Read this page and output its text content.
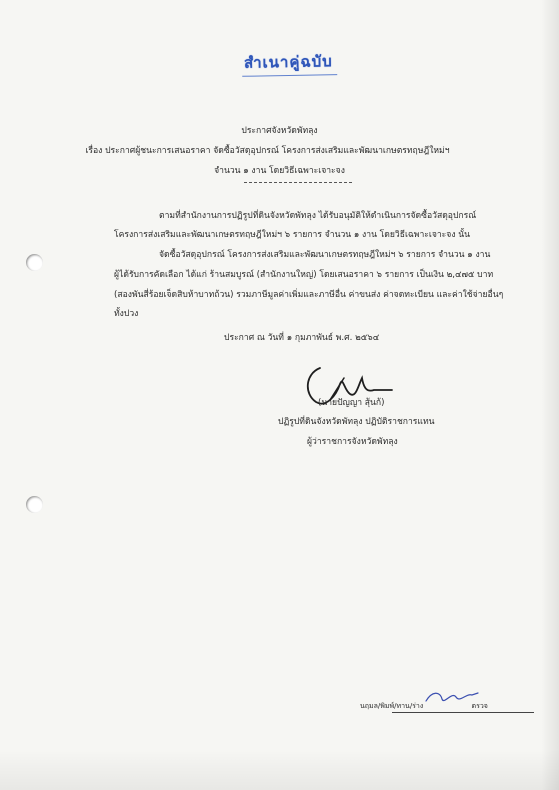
สำเนาคู่ฉบับ
ประกาศจังหวัดพัทลุง
เรื่อง ประกาศผู้ชนะการเสนอราคา จัดซื้อวัสดุอุปกรณ์ โครงการส่งเสริมและพัฒนาเกษตรทฤษฎีใหม่ฯ
จำนวน ๑ งาน โดยวิธีเฉพาะเจาะจง
ตามที่สำนักงานการปฏิรูปที่ดินจังหวัดพัทลุง ได้รับอนุมัติให้ดำเนินการจัดซื้อวัสดุอุปกรณ์
โครงการส่งเสริมและพัฒนาเกษตรทฤษฎีใหม่ฯ ๖ รายการ จำนวน ๑ งาน โดยวิธีเฉพาะเจาะจง นั้น
จัดซื้อวัสดุอุปกรณ์ โครงการส่งเสริมและพัฒนาเกษตรทฤษฎีใหม่ฯ ๖ รายการ จำนวน ๑ งาน
ผู้ได้รับการคัดเลือก ได้แก่ ร้านสมบูรณ์ (สำนักงานใหญ่) โดยเสนอราคา ๖ รายการ เป็นเงิน ๒,๔๗๕ บาท
(สองพันสี่ร้อยเจ็ดสิบห้าบาทถ้วน) รวมภาษีมูลค่าเพิ่มและภาษีอื่น ค่าขนส่ง ค่าจดทะเบียน และค่าใช้จ่ายอื่นๆ
ทั้งปวง
ประกาศ ณ วันที่ ๑ กุมภาพันธ์ พ.ศ. ๒๕๖๔
(นายปัญญา สุ้นก้)
ปฏิรูปที่ดินจังหวัดพัทลุง ปฏิบัติราชการแทน
ผู้ว่าราชการจังหวัดพัทลุง
นฤมล/พิมพ์/ทาน/ร่าง	ตรวจ
